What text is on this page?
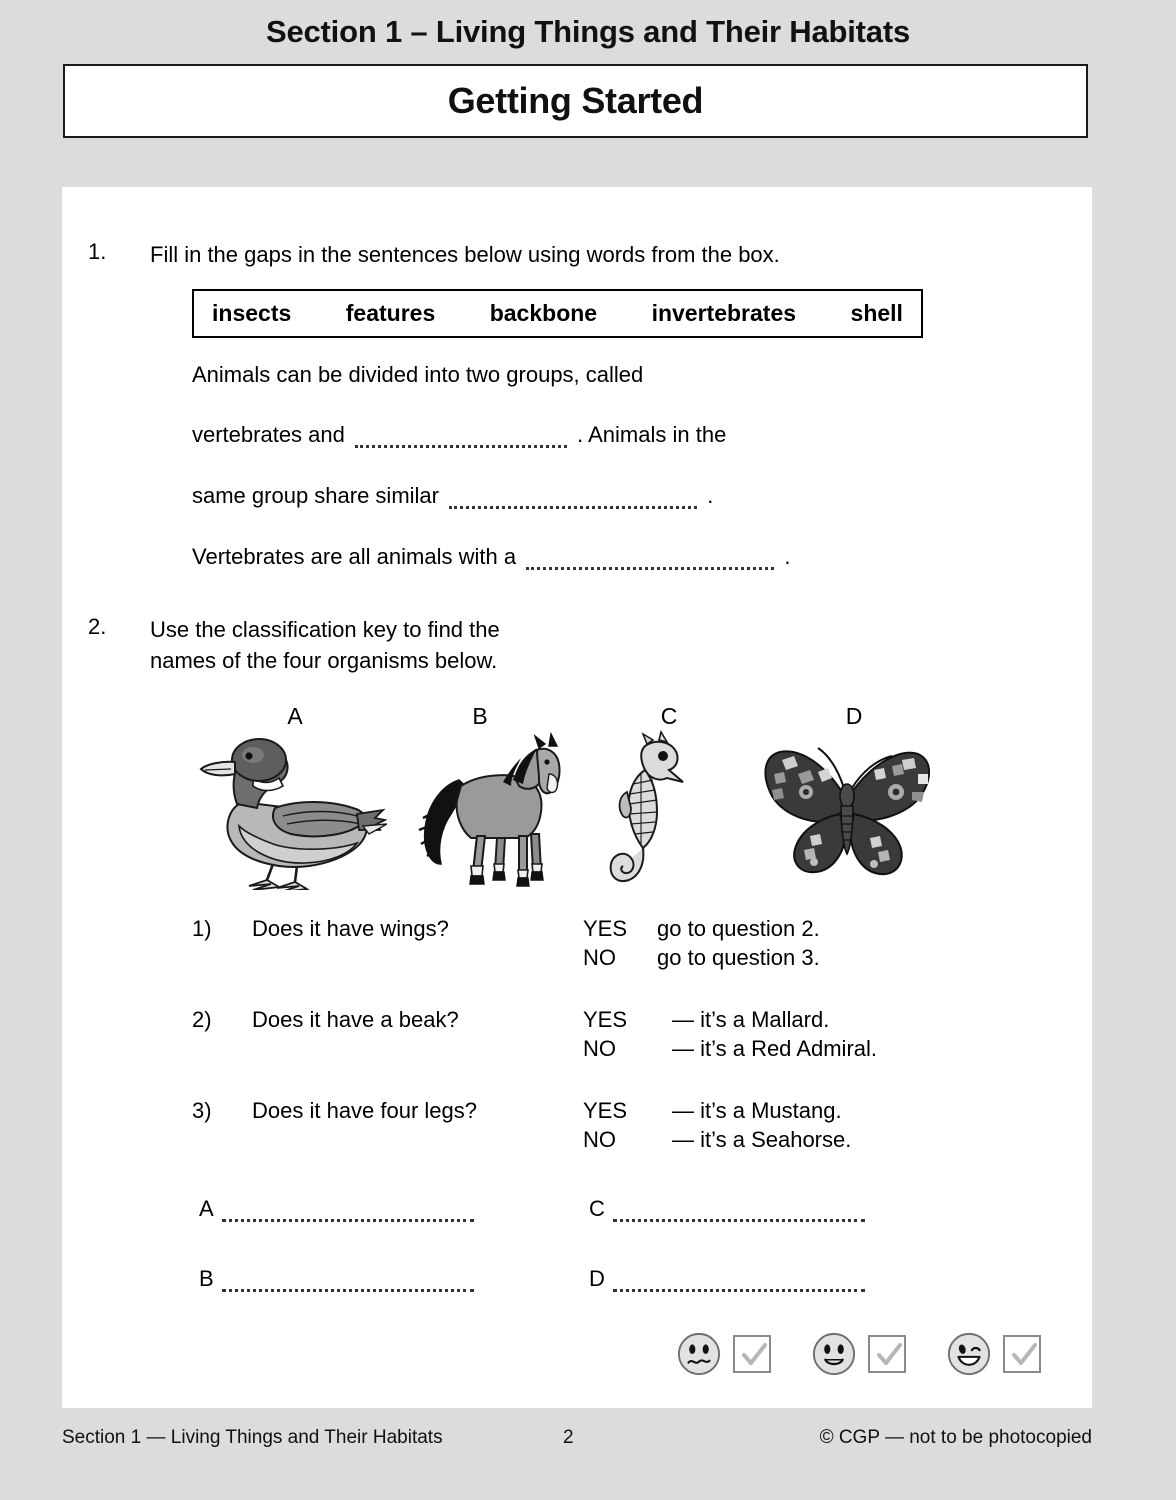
Section 1 – Living Things and Their Habitats
Getting Started
1. Fill in the gaps in the sentences below using words from the box.
insects features backbone invertebrates shell
Animals can be divided into two groups, called
vertebrates and	. Animals in the
same group share similar	.
Vertebrates are all animals with a	.
2. Use the classification key to find the
names of the four organisms below.
A	B	C	D
1) Does it have wings?	YES go to question 2.
NO go to question 3.
2) Does it have a beak?	YES — it’s a Mallard.
NO	— it’s a Red Admiral.
3) Does it have four legs?	YES — it’s a Mustang.
NO	— it’s a Seahorse.
A
B
C
D
Section 1 — Living Things and Their Habitats	2	© CGP — not to be photocopied
